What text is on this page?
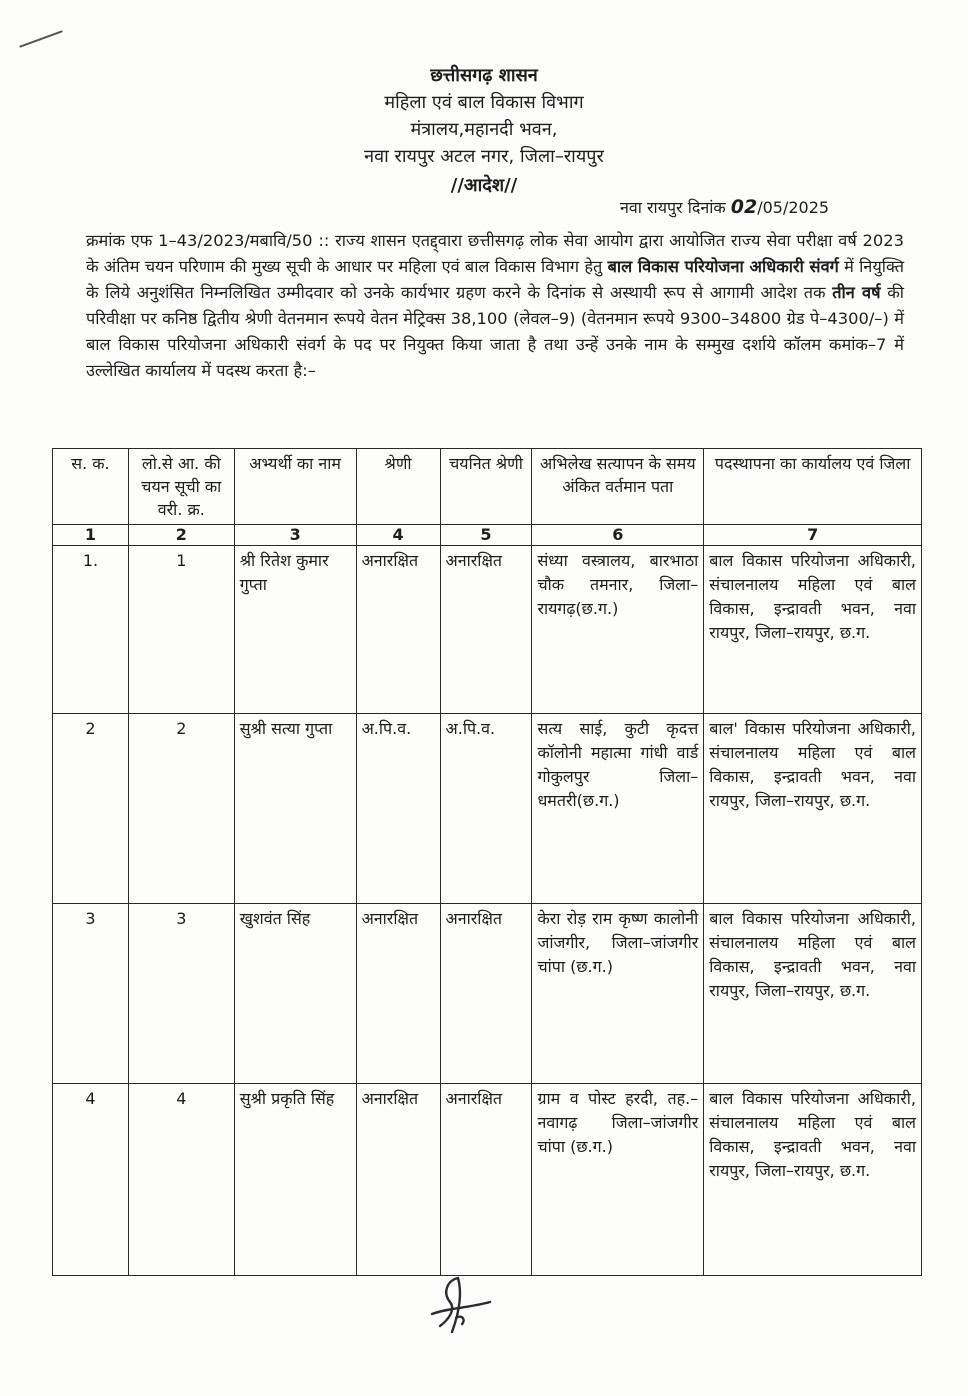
छत्तीसगढ़ शासन
महिला एवं बाल विकास विभाग
मंत्रालय,महानदी भवन,
नवा रायपुर अटल नगर, जिला–रायपुर
//आदेश//
नवा रायपुर दिनांक 02/05/2025
क्रमांक एफ 1–43/2023/मबावि/50 :: राज्य शासन एतद्द्वारा छत्तीसगढ़ लोक सेवा आयोग द्वारा आयोजित राज्य सेवा परीक्षा वर्ष 2023 के अंतिम चयन परिणाम की मुख्य सूची के आधार पर महिला एवं बाल विकास विभाग हेतु बाल विकास परियोजना अधिकारी संवर्ग में नियुक्ति के लिये अनुशंसित निम्नलिखित उम्मीदवार को उनके कार्यभार ग्रहण करने के दिनांक से अस्थायी रूप से आगामी आदेश तक तीन वर्ष की परिवीक्षा पर कनिष्ठ द्वितीय श्रेणी वेतनमान रूपये वेतन मेट्रिक्स 38,100 (लेवल–9) (वेतनमान रूपये 9300–34800 ग्रेड पे–4300/–) में बाल विकास परियोजना अधिकारी संवर्ग के पद पर नियुक्त किया जाता है तथा उन्हें उनके नाम के सम्मुख दर्शाये कॉलम कमांक–7 में उल्लेखित कार्यालय में पदस्थ करता है:–
स. क.	लो.से आ. की चयन सूची का वरी. क्र.	अभ्यर्थी का नाम	श्रेणी	चयनित श्रेणी	अभिलेख सत्यापन के समय अंकित वर्तमान पता	पदस्थापना का कार्यालय एवं जिला
1	2	3	4	5	6	7
1.	1	श्री रितेश कुमार गुप्ता	अनारक्षित	अनारक्षित	संध्या वस्त्रालय, बारभाठा चौक तमनार, जिला–रायगढ़(छ.ग.)	बाल विकास परियोजना अधिकारी, संचालनालय महिला एवं बाल विकास, इन्द्रावती भवन, नवा रायपुर, जिला–रायपुर, छ.ग.
2	2	सुश्री सत्या गुप्ता	अ.पि.व.	अ.पि.व.	सत्य साई, कुटी कृदत्त कॉलोनी महात्मा गांधी वार्ड गोकुलपुर जिला–धमतरी(छ.ग.)	बाल' विकास परियोजना अधिकारी, संचालनालय महिला एवं बाल विकास, इन्द्रावती भवन, नवा रायपुर, जिला–रायपुर, छ.ग.
3	3	खुशवंत सिंह	अनारक्षित	अनारक्षित	केरा रोड़ राम कृष्ण कालोनी जांजगीर, जिला–जांजगीर चांपा (छ.ग.)	बाल विकास परियोजना अधिकारी, संचालनालय महिला एवं बाल विकास, इन्द्रावती भवन, नवा रायपुर, जिला–रायपुर, छ.ग.
4	4	सुश्री प्रकृति सिंह	अनारक्षित	अनारक्षित	ग्राम व पोस्ट हरदी, तह.–नवागढ़ जिला–जांजगीर चांपा (छ.ग.)	बाल विकास परियोजना अधिकारी, संचालनालय महिला एवं बाल विकास, इन्द्रावती भवन, नवा रायपुर, जिला–रायपुर, छ.ग.
